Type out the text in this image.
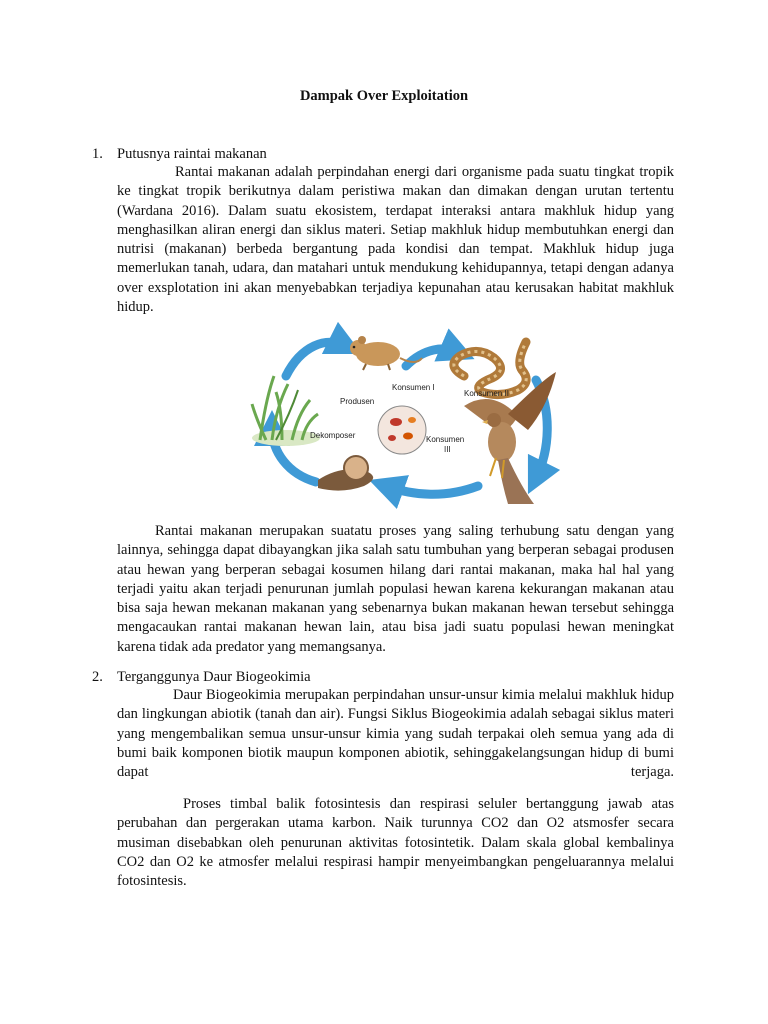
Dampak Over Exploitation
1. Putusnya raintai makanan

Rantai makanan adalah perpindahan energi dari organisme pada suatu tingkat tropik ke tingkat tropik berikutnya dalam peristiwa makan dan dimakan dengan urutan tertentu (Wardana 2016). Dalam suatu ekosistem, terdapat interaksi antara makhluk hidup yang menghasilkan aliran energi dan siklus materi. Setiap makhluk hidup membutuhkan energi dan nutrisi (makanan) berbeda bergantung pada kondisi dan tempat. Makhluk hidup juga memerlukan tanah, udara, dan matahari untuk mendukung kehidupannya, tetapi dengan adanya over exsplotation ini akan menyebabkan terjadiya kepunahan atau kerusakan habitat makhluk hidup.

Produsen
Konsumen I
Konsumen II
Konsumen
III
Dekomposer

Rantai makanan merupakan suatatu proses yang saling terhubung satu dengan yang lainnya, sehingga dapat dibayangkan jika salah satu tumbuhan yang berperan sebagai produsen atau hewan yang berperan sebagai kosumen hilang dari rantai makanan, maka hal hal yang terjadi yaitu akan terjadi penurunan jumlah populasi hewan karena kekurangan makanan atau bisa saja hewan mekanan makanan yang sebenarnya bukan makanan hewan tersebut sehingga mengacaukan rantai makanan hewan lain, atau bisa jadi suatu populasi hewan meningkat karena tidak ada predator yang memangsanya.

2. Terganggunya Daur Biogeokimia

Daur Biogeokimia merupakan perpindahan unsur-unsur kimia melalui makhluk hidup dan lingkungan abiotik (tanah dan air). Fungsi Siklus Biogeokimia adalah sebagai siklus materi yang mengembalikan semua unsur-unsur kimia yang sudah terpakai oleh semua yang ada di bumi baik komponen biotik maupun komponen abiotik, sehinggakelangsungan hidup di bumi dapat terjaga.

Proses timbal balik fotosintesis dan respirasi seluler bertanggung jawab atas perubahan dan pergerakan utama karbon. Naik turunnya CO2 dan O2 atsmosfer secara musiman disebabkan oleh penurunan aktivitas fotosintetik. Dalam skala global kembalinya CO2 dan O2 ke atmosfer melalui respirasi hampir menyeimbangkan pengeluarannya melalui fotosintesis.
